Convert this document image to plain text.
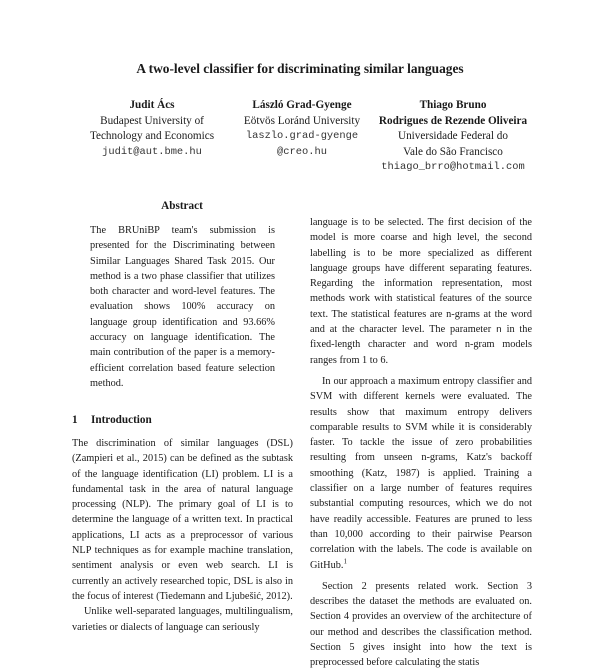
A two-level classifier for discriminating similar languages
Judit Ács
Budapest University of
Technology and Economics
judit@aut.bme.hu
László Grad-Gyenge
Eötvös Loránd University
laszlo.grad-gyenge
@creo.hu
Thiago Bruno
Rodrigues de Rezende Oliveira
Universidade Federal do
Vale do São Francisco
thiago_brro@hotmail.com
Abstract

The BRUniBP team's submission is presented for the Discriminating between Similar Languages Shared Task 2015. Our method is a two phase classifier that utilizes both character and word-level features. The evaluation shows 100% accuracy on language group identification and 93.66% accuracy on language identification. The main contribution of the paper is a memory-efficient correlation based feature selection method.

1 Introduction

The discrimination of similar languages (DSL) (Zampieri et al., 2015) can be defined as the subtask of the language identification (LI) problem. LI is a fundamental task in the area of natural language processing (NLP). The primary goal of LI is to determine the language of a written text. In practical applications, LI acts as a preprocessor of various NLP techniques as for example machine translation, sentiment analysis or even web search. LI is currently an actively researched topic, DSL is also in the focus of interest (Tiedemann and Ljubešić, 2012).

Unlike well-separated languages, multilingualism, varieties or dialects of language can seriously

language is to be selected. The first decision of the model is more coarse and high level, the second labelling is to be more specialized as different language groups have different separating features. Regarding the information representation, most methods work with statistical features of the source text. The statistical features are n-grams at the word and at the character level. The parameter n in the fixed-length character and word n-gram models ranges from 1 to 6.

In our approach a maximum entropy classifier and SVM with different kernels were evaluated. The results show that maximum entropy delivers comparable results to SVM while it is considerably faster. To tackle the issue of zero probabilities resulting from unseen n-grams, Katz's backoff smoothing (Katz, 1987) is applied. Training a classifier on a large number of features requires substantial computing resources, which we do not have readily accessible. Features are pruned to less than 10,000 according to their pairwise Pearson correlation with the labels. The code is available on GitHub.$^1$

Section 2 presents related work. Section 3 describes the dataset the methods are evaluated on. Section 4 provides an overview of the architecture of our method and describes the classification method. Section 5 gives insight into how the text is preprocessed before calculating the statis
